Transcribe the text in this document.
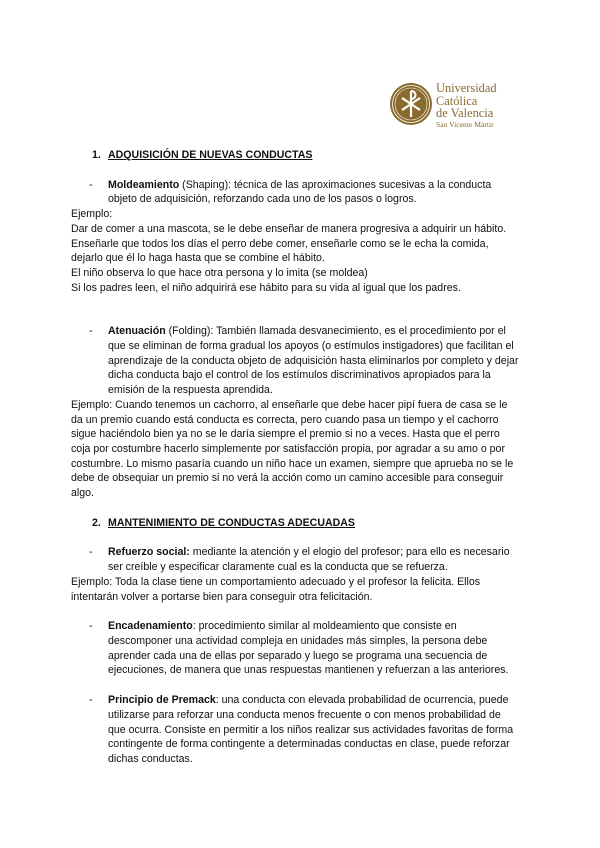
Universidad
Católica
de Valencia
San Vicente Mártir
1. ADQUISICIÓN DE NUEVAS CONDUCTAS
- Moldeamiento (Shaping): técnica de las aproximaciones sucesivas a la conducta objeto de adquisición, reforzando cada uno de los pasos o logros.

Ejemplo:

Dar de comer a una mascota, se le debe enseñar de manera progresiva a adquirir un hábito. Enseñarle que todos los días el perro debe comer, enseñarle como se le echa la comida, dejarlo que él lo haga hasta que se combine el hábito.

El niño observa lo que hace otra persona y lo imita (se moldea)

Si los padres leen, el niño adquirirá ese hábito para su vida al igual que los padres.

- Atenuación (Folding): También llamada desvanecimiento, es el procedimiento por el que se eliminan de forma gradual los apoyos (o estímulos instigadores) que facilitan el aprendizaje de la conducta objeto de adquisición hasta eliminarlos por completo y dejar dicha conducta bajo el control de los estímulos discriminativos apropiados para la emisión de la respuesta aprendida.

Ejemplo: Cuando tenemos un cachorro, al enseñarle que debe hacer pipí fuera de casa se le da un premio cuando está conducta es correcta, pero cuando pasa un tiempo y el cachorro sigue haciéndolo bien ya no se le daría siempre el premio si no a veces. Hasta que el perro coja por costumbre hacerlo simplemente por satisfacción propia, por agradar a su amo o por costumbre. Lo mismo pasaría cuando un niño hace un examen, siempre que aprueba no se le debe de obsequiar un premio si no verá la acción como un camino accesible para conseguir algo.

2. MANTENIMIENTO DE CONDUCTAS ADECUADAS
- Refuerzo social: mediante la atención y el elogio del profesor; para ello es necesario ser creíble y especificar claramente cual es la conducta que se refuerza.

Ejemplo: Toda la clase tiene un comportamiento adecuado y el profesor la felicita. Ellos intentarán volver a portarse bien para conseguir otra felicitación.

- Encadenamiento: procedimiento similar al moldeamiento que consiste en descomponer una actividad compleja en unidades más simples, la persona debe aprender cada una de ellas por separado y luego se programa una secuencia de ejecuciones, de manera que unas respuestas mantienen y refuerzan a las anteriores.
- Principio de Premack: una conducta con elevada probabilidad de ocurrencia, puede utilizarse para reforzar una conducta menos frecuente o con menos probabilidad de que ocurra. Consiste en permitir a los niños realizar sus actividades favoritas de forma contingente de forma contingente a determinadas conductas en clase, puede reforzar dichas conductas.
